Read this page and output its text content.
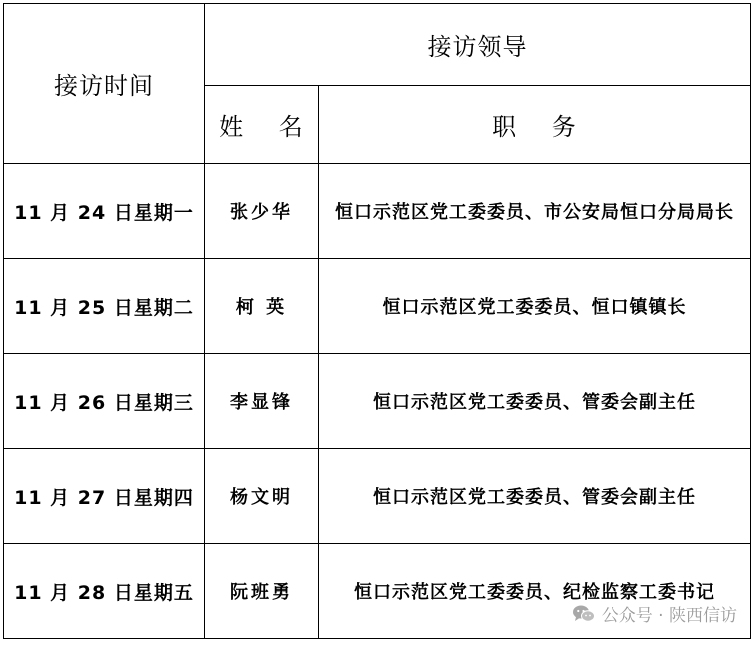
接访时间	接访领导	
	姓 名	职 务
11 月 24 日星期一	张少华	恒口示范区党工委委员、市公安局恒口分局局长
11 月 25 日星期二	柯 英	恒口示范区党工委委员、恒口镇镇长
11 月 26 日星期三	李显锋	恒口示范区党工委委员、管委会副主任
11 月 27 日星期四	杨文明	恒口示范区党工委委员、管委会副主任
11 月 28 日星期五	阮班勇	恒口示范区党工委委员、纪检监察工委书记
公众号 · 陕西信访
